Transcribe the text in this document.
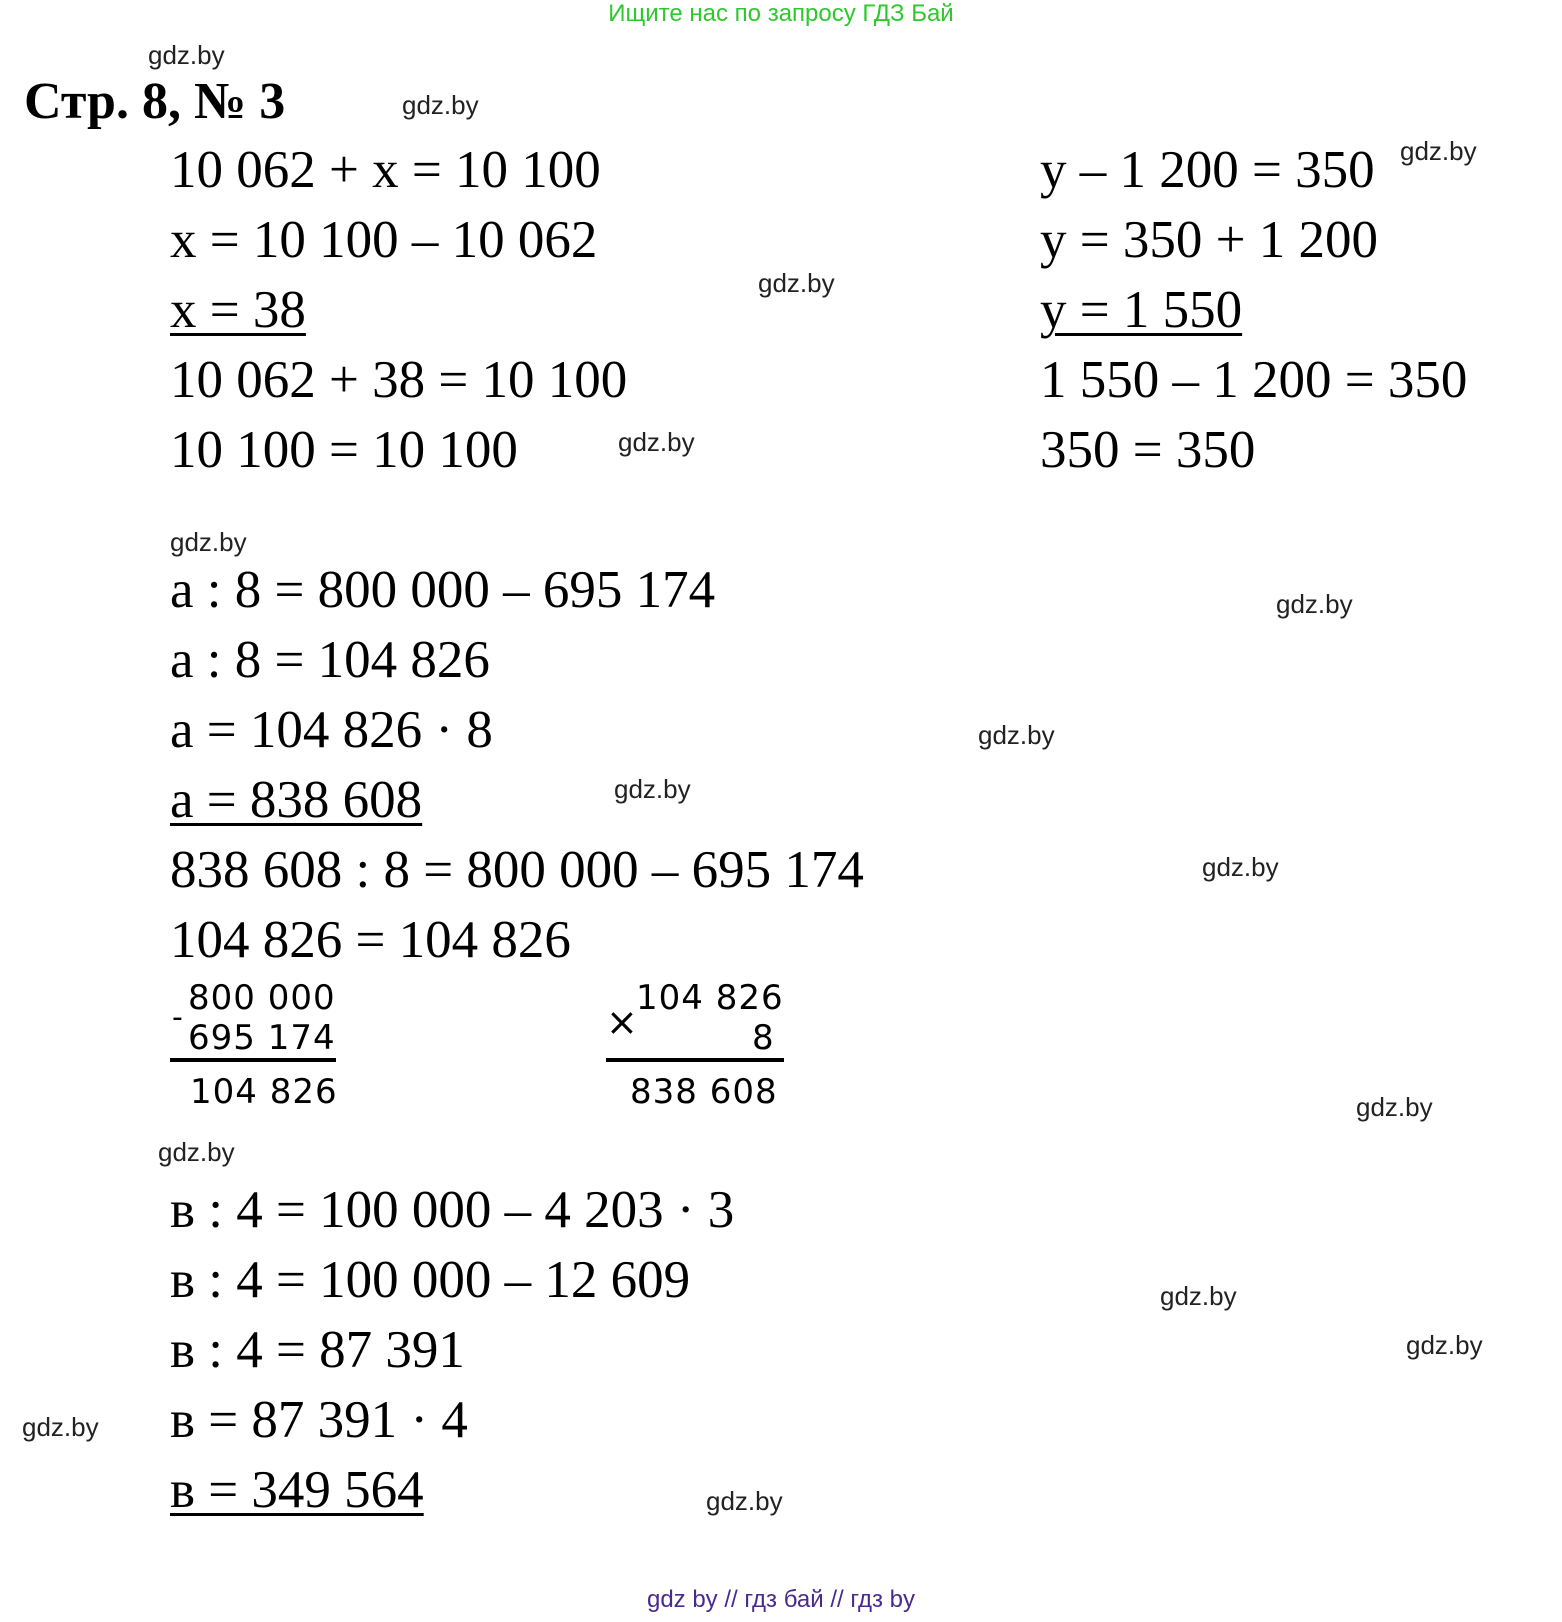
Ищите нас по запросу ГДЗ Бай
Стр. 8, № 3
10 062 + x = 10 100
x = 10 100 – 10 062
x = 38
10 062 + 38 = 10 100
10 100 = 10 100
y – 1 200 = 350
y = 350 + 1 200
y = 1 550
1 550 – 1 200 = 350
350 = 350
a : 8 = 800 000 – 695 174
a : 8 = 104 826
a = 104 826 · 8
a = 838 608
838 608 : 8 = 800 000 – 695 174
104 826 = 104 826
- 800 000
695 174
104 826
×
104 826
8
838 608
в : 4 = 100 000 – 4 203 · 3
в : 4 = 100 000 – 12 609
в : 4 = 87 391
в = 87 391 · 4
в = 349 564
gdz.by
gdz.by
gdz.by
gdz.by
gdz.by
gdz.by
gdz.by
gdz.by
gdz.by
gdz.by
gdz.by
gdz.by
gdz.by
gdz.by
gdz.by
gdz.by
gdz by // гдз бай // гдз by
